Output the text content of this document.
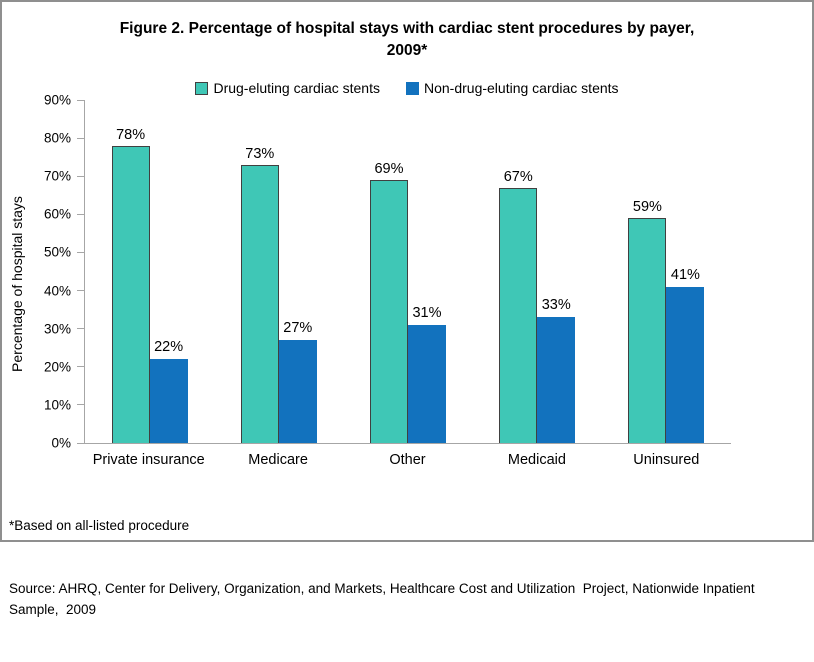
Figure 2. Percentage of hospital stays with cardiac stent procedures by payer,
2009*
Drug-eluting cardiac stents	Non-drug-eluting cardiac stents
Percentage of hospital stays
0%
10%
20%
30%
40%
50%
60%
70%
80%
90%
78%
22%
73%
27%
69%
31%
67%
33%
59%
41%
Private insurance	Medicare	Other	Medicaid	Uninsured

*Based on all-listed procedure

Source: AHRQ, Center for Delivery, Organization, and Markets, Healthcare Cost and Utilization  Project, Nationwide Inpatient Sample,  2009
